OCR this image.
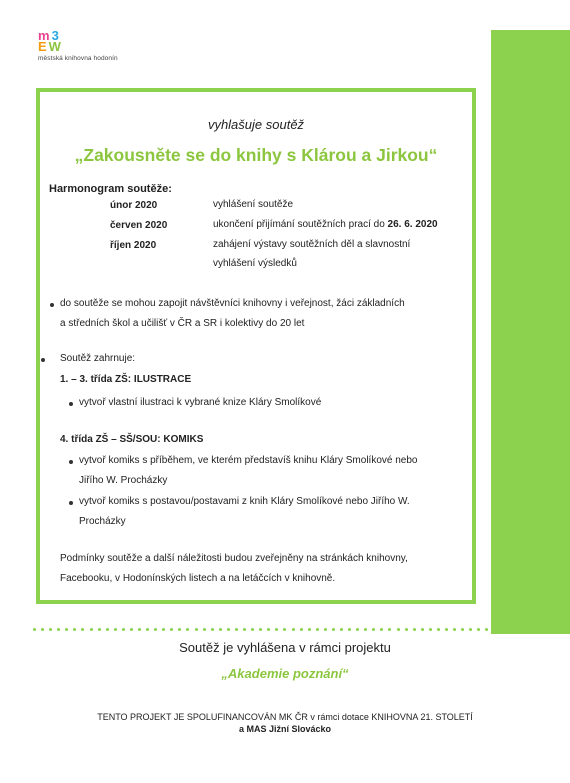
m 3
E W
městská knihovna hodonín
vyhlašuje soutěž
„Zakousněte se do knihy s Klárou a Jirkou“
Harmonogram soutěže:
únor 2020	vyhlášení soutěže
červen 2020	ukončení přijímání soutěžních prací do 26. 6. 2020
říjen 2020	zahájení výstavy soutěžních děl a slavnostní vyhlášení výsledků
do soutěže se mohou zapojit návštěvníci knihovny i veřejnost, žáci základních
a středních škol a učilišť v ČR a SR i kolektivy do 20 let
Soutěž zahrnuje:
1. – 3. třída ZŠ: ILUSTRACE
vytvoř vlastní ilustraci k vybrané knize Kláry Smolíkové
4. třída ZŠ – SŠ/SOU: KOMIKS
vytvoř komiks s příběhem, ve kterém představíš knihu Kláry Smolíkové nebo
Jiřího W. Procházky
vytvoř komiks s postavou/postavami z knih Kláry Smolíkové nebo Jiřího W.
Procházky
Podmínky soutěže a další náležitosti budou zveřejněny na stránkách knihovny,
Facebooku, v Hodonínských listech a na letáčcích v knihovně.
Soutěž je vyhlášena v rámci projektu
„Akademie poznání“
TENTO PROJEKT JE SPOLUFINANCOVÁN MK ČR v rámci dotace KNIHOVNA 21. STOLETÍ
a MAS Jižní Slovácko
